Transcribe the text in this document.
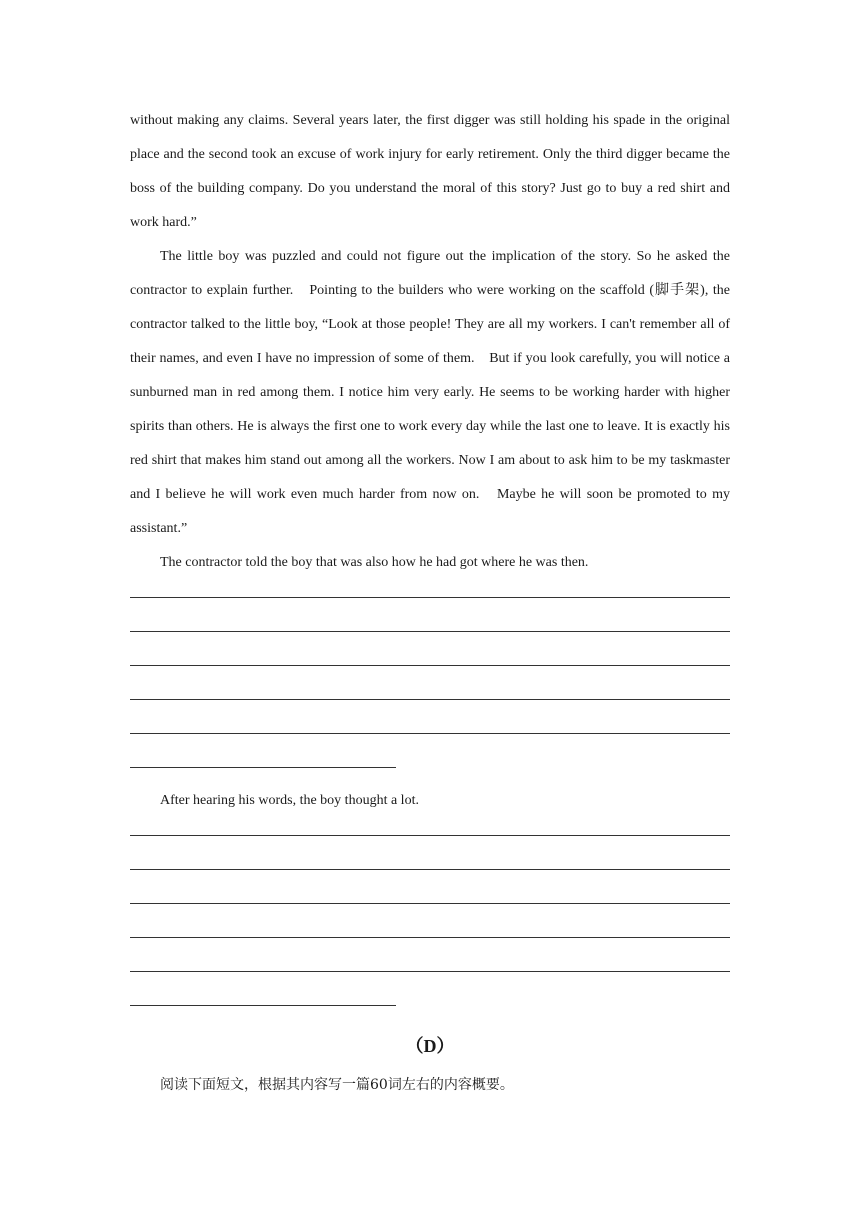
without making any claims. Several years later, the first digger was still holding his spade in the original place and the second took an excuse of work injury for early retirement. Only the third digger became the boss of the building company. Do you understand the moral of this story? Just go to buy a red shirt and work hard.”

The little boy was puzzled and could not figure out the implication of the story. So he asked the contractor to explain further.　Pointing to the builders who were working on the scaffold (脚手架), the contractor talked to the little boy, “Look at those people! They are all my workers. I can't remember all of their names, and even I have no impression of some of them.　But if you look carefully, you will notice a sunburned man in red among them. I notice him very early. He seems to be working harder with higher spirits than others. He is always the first one to work every day while the last one to leave. It is exactly his red shirt that makes him stand out among all the workers. Now I am about to ask him to be my taskmaster and I believe he will work even much harder from now on.　Maybe he will soon be promoted to my assistant.”

The contractor told the boy that was also how he had got where he was then.

After hearing his words, the boy thought a lot.

（D）

阅读下面短文，根据其内容写一篇60词左右的内容概要。
